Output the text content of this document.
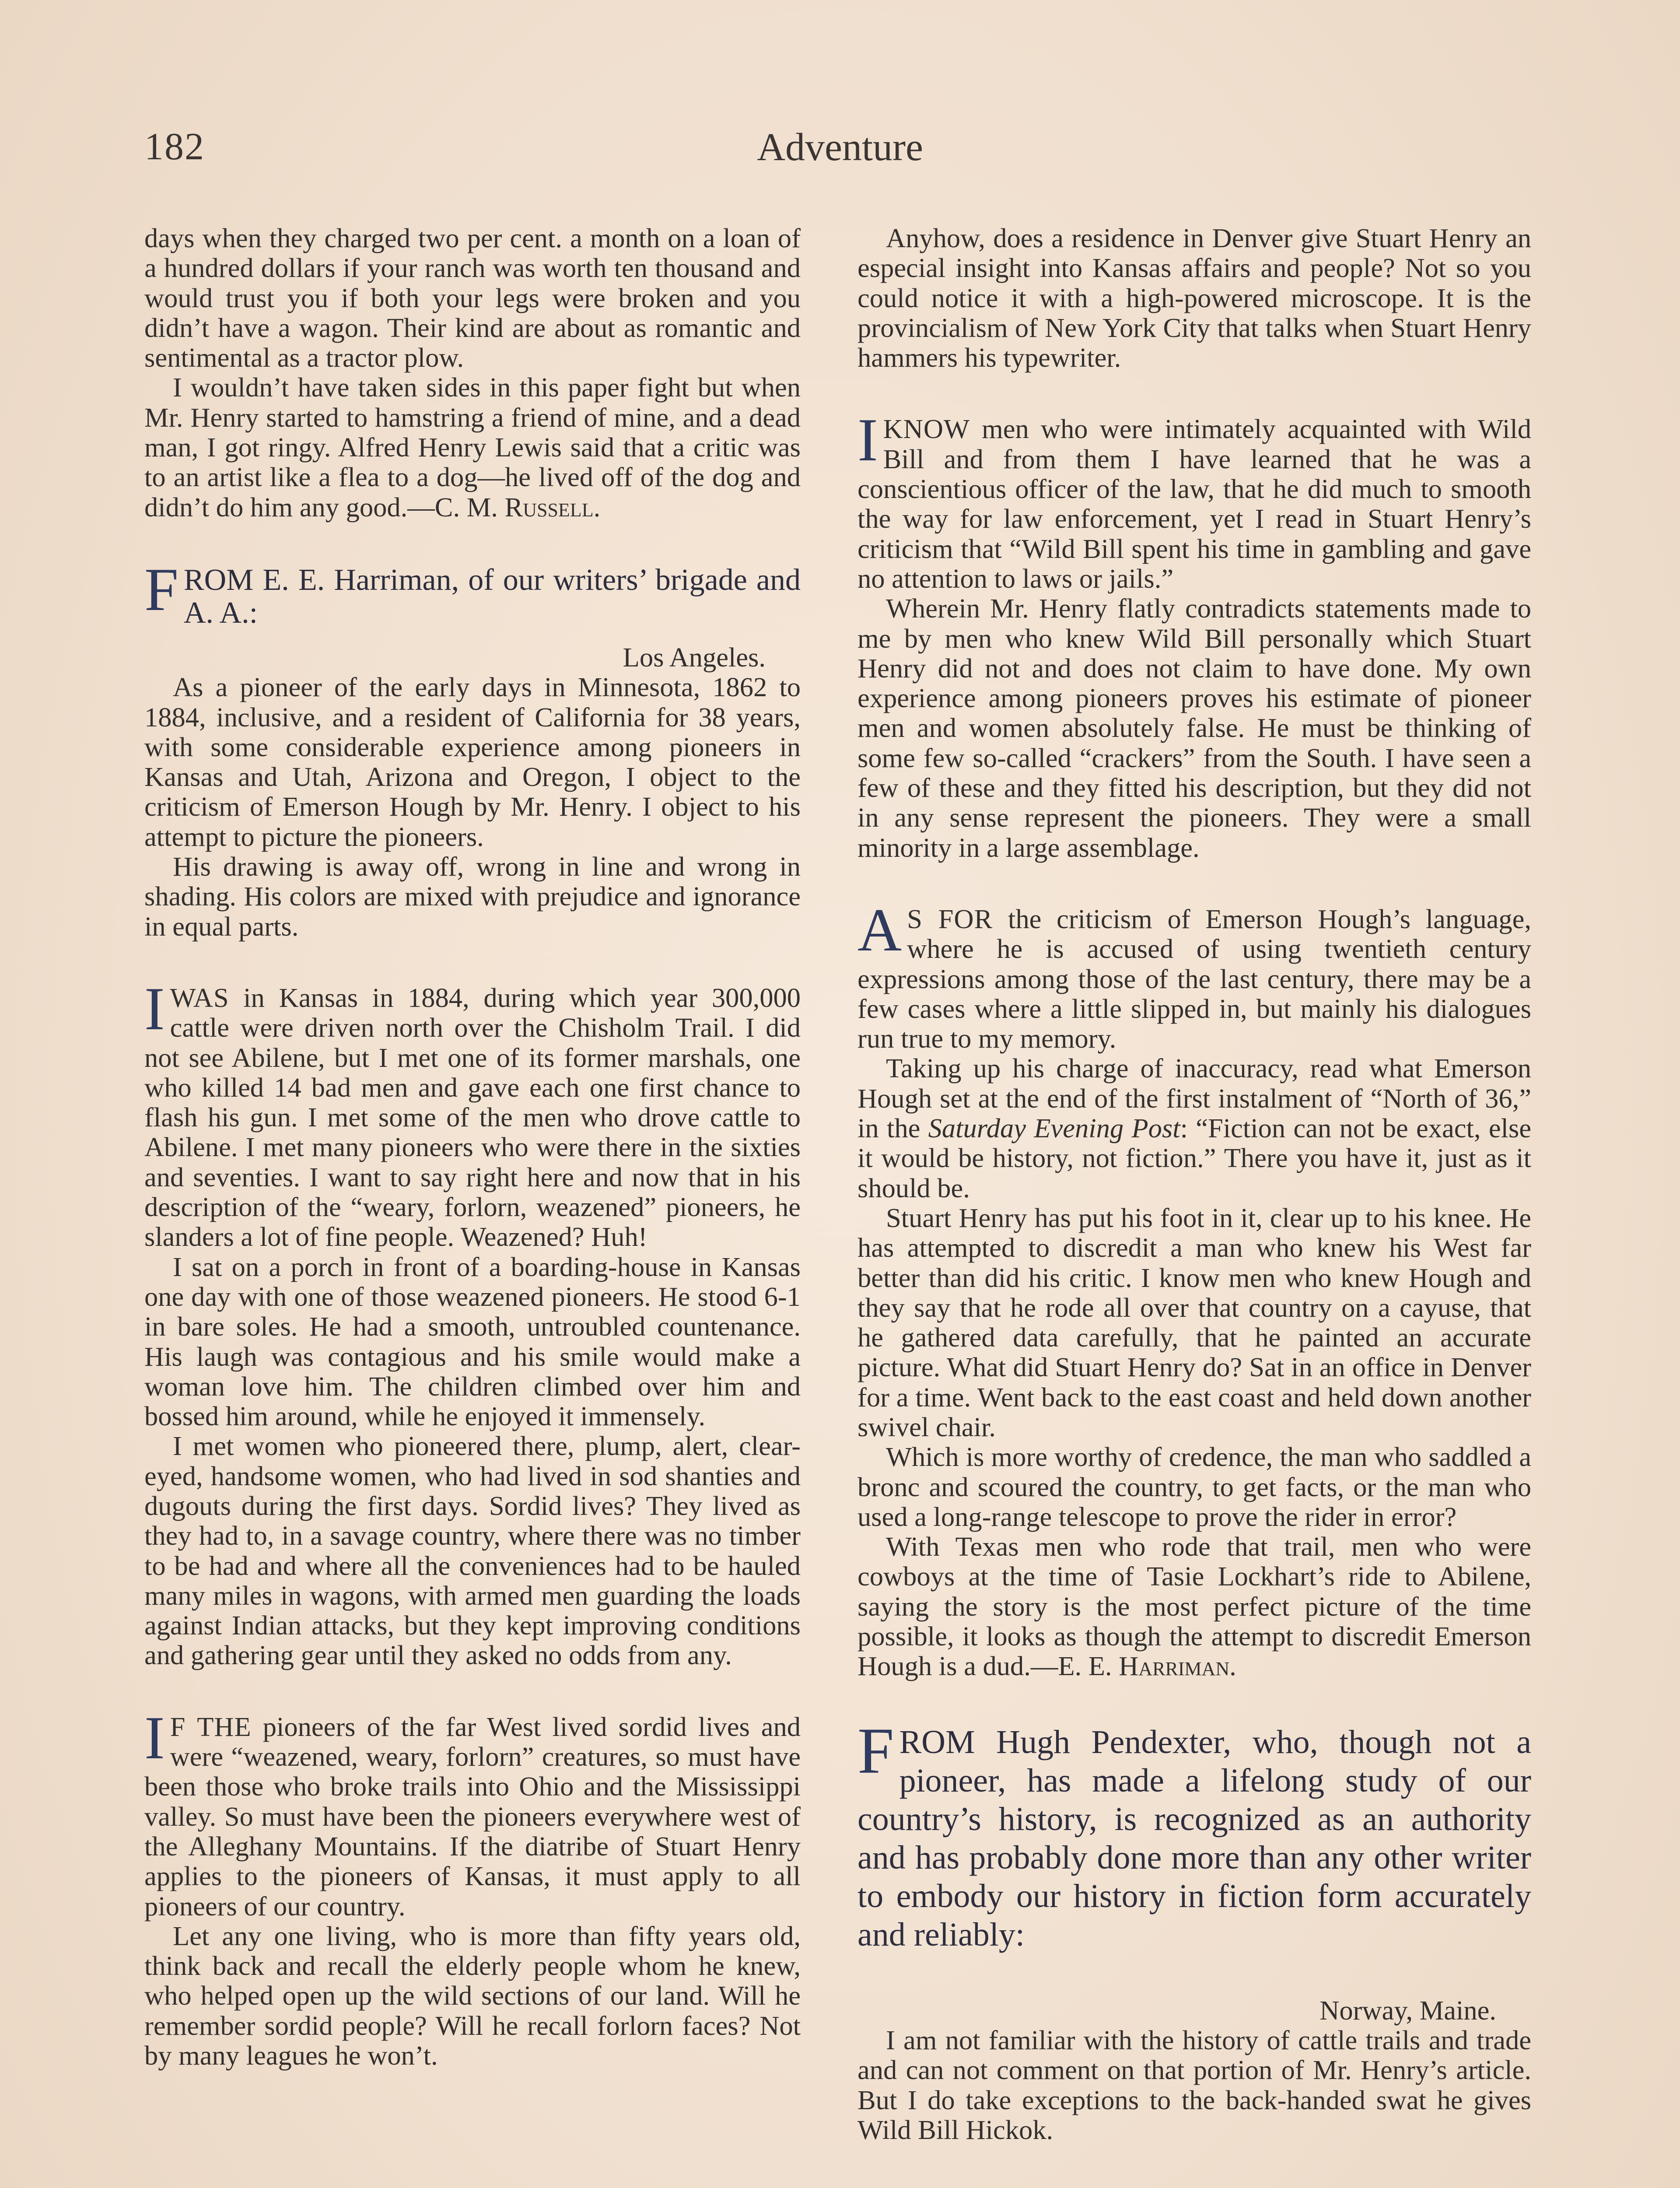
182	Adventure

days when they charged two per cent. a month on a loan of a hundred dollars if your ranch was worth ten thousand and would trust you if both your legs were broken and you didn’t have a wagon. Their kind are about as romantic and sentimental as a tractor plow.

I wouldn’t have taken sides in this paper fight but when Mr. Henry started to hamstring a friend of mine, and a dead man, I got ringy. Alfred Henry Lewis said that a critic was to an artist like a flea to a dog—he lived off of the dog and didn’t do him any good.—C. M. Russell.

FROM E. E. Harriman, of our writers’ brigade and A. A.:

Los Angeles.

As a pioneer of the early days in Minnesota, 1862 to 1884, inclusive, and a resident of California for 38 years, with some considerable experience among pioneers in Kansas and Utah, Arizona and Oregon, I object to the criticism of Emerson Hough by Mr. Henry. I object to his attempt to picture the pioneers.

His drawing is away off, wrong in line and wrong in shading. His colors are mixed with prejudice and ignorance in equal parts.

IWAS in Kansas in 1884, during which year 300,000 cattle were driven north over the Chisholm Trail. I did not see Abilene, but I met one of its former marshals, one who killed 14 bad men and gave each one first chance to flash his gun. I met some of the men who drove cattle to Abilene. I met many pioneers who were there in the sixties and seventies. I want to say right here and now that in his description of the “weary, forlorn, weazened” pioneers, he slanders a lot of fine people. Weazened? Huh!

I sat on a porch in front of a boarding-house in Kansas one day with one of those weazened pioneers. He stood 6-1 in bare soles. He had a smooth, untroubled countenance. His laugh was contagious and his smile would make a woman love him. The children climbed over him and bossed him around, while he enjoyed it immensely.

I met women who pioneered there, plump, alert, clear-eyed, handsome women, who had lived in sod shanties and dugouts during the first days. Sordid lives? They lived as they had to, in a savage country, where there was no timber to be had and where all the conveniences had to be hauled many miles in wagons, with armed men guarding the loads against Indian attacks, but they kept improving conditions and gathering gear until they asked no odds from any.

I F THE pioneers of the far West lived sordid lives and were “weazened, weary, forlorn” creatures, so must have been those who broke trails into Ohio and the Mississippi valley. So must have been the pioneers everywhere west of the Alleghany Mountains. If the diatribe of Stuart Henry applies to the pioneers of Kansas, it must apply to all pioneers of our country.

Let any one living, who is more than fifty years old, think back and recall the elderly people whom he knew, who helped open up the wild sections of our land. Will he remember sordid people? Will he recall forlorn faces? Not by many leagues he won’t.

Anyhow, does a residence in Denver give Stuart Henry an especial insight into Kansas affairs and people? Not so you could notice it with a high-powered microscope. It is the provincialism of New York City that talks when Stuart Henry hammers his typewriter.

IKNOW men who were intimately acquainted with Wild Bill and from them I have learned that he was a conscientious officer of the law, that he did much to smooth the way for law enforcement, yet I read in Stuart Henry’s criticism that “Wild Bill spent his time in gambling and gave no attention to laws or jails.”

Wherein Mr. Henry flatly contradicts statements made to me by men who knew Wild Bill personally which Stuart Henry did not and does not claim to have done. My own experience among pioneers proves his estimate of pioneer men and women absolutely false. He must be thinking of some few so-called “crackers” from the South. I have seen a few of these and they fitted his description, but they did not in any sense represent the pioneers. They were a small minority in a large assemblage.

A S FOR the criticism of Emerson Hough’s language, where he is accused of using twentieth century expressions among those of the last century, there may be a few cases where a little slipped in, but mainly his dialogues run true to my memory.

Taking up his charge of inaccuracy, read what Emerson Hough set at the end of the first instalment of “North of 36,” in the Saturday Evening Post: “Fiction can not be exact, else it would be history, not fiction.” There you have it, just as it should be.

Stuart Henry has put his foot in it, clear up to his knee. He has attempted to discredit a man who knew his West far better than did his critic. I know men who knew Hough and they say that he rode all over that country on a cayuse, that he gathered data carefully, that he painted an accurate picture. What did Stuart Henry do? Sat in an office in Denver for a time. Went back to the east coast and held down another swivel chair.

Which is more worthy of credence, the man who saddled a bronc and scoured the country, to get facts, or the man who used a long-range telescope to prove the rider in error?

With Texas men who rode that trail, men who were cowboys at the time of Tasie Lockhart’s ride to Abilene, saying the story is the most perfect picture of the time possible, it looks as though the attempt to discredit Emerson Hough is a dud.—E. E. Harriman.

FROM Hugh Pendexter, who, though not a pioneer, has made a lifelong study of our country’s history, is recognized as an authority and has probably done more than any other writer to embody our history in fiction form accurately and reliably:

Norway, Maine.

I am not familiar with the history of cattle trails and trade and can not comment on that portion of Mr. Henry’s article. But I do take exceptions to the back-handed swat he gives Wild Bill Hickok.
